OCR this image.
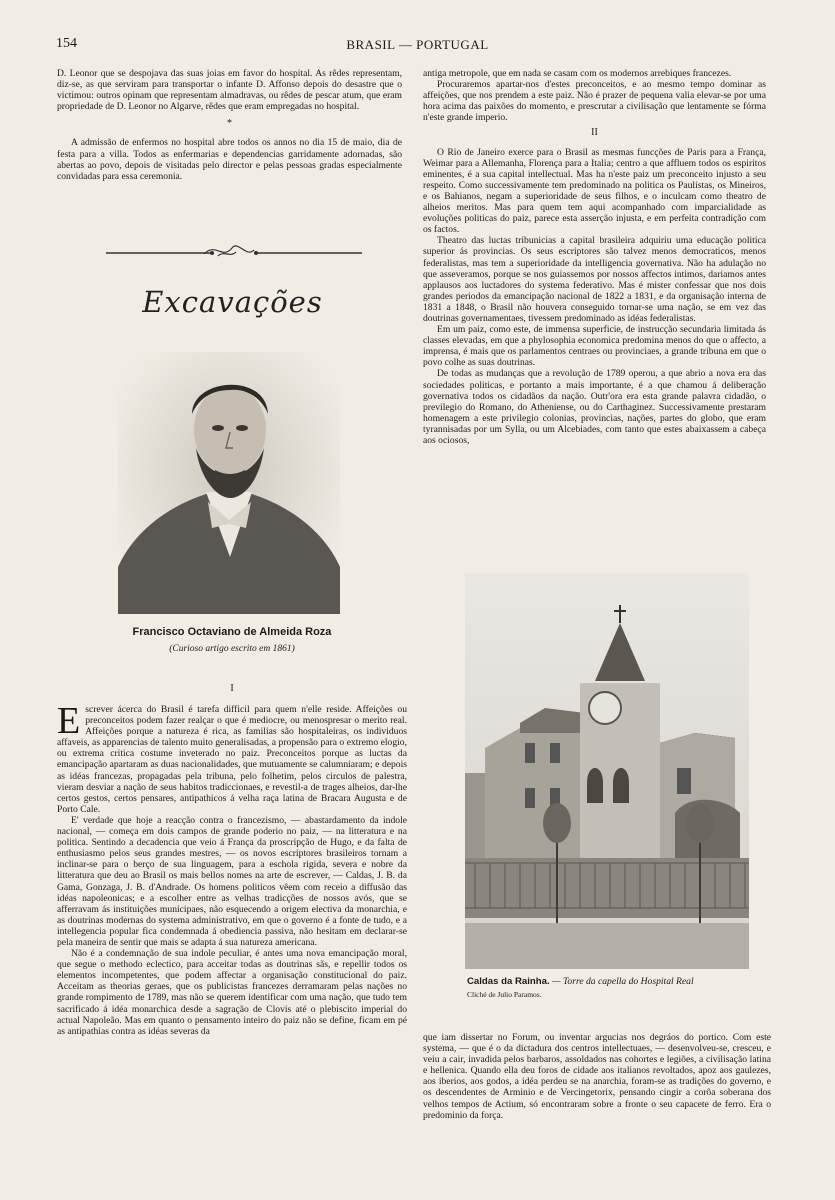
154	BRASIL — PORTUGAL

D. Leonor que se despojava das suas joias em favor do hospital. As rêdes representam, diz-se, as que serviram para transportar o infante D. Affonso depois do desastre que o victimou: outros opinam que representam almadravas, ou rêdes de pescar atum, que eram propriedade de D. Leonor no Algarve, rêdes que eram empregadas no hospital.

*

A admissão de enfermos no hospital abre todos os annos no dia 15 de maio, dia de festa para a villa. Todos as enfermarias e dependencias garridamente adornadas, são abertas ao povo, depois de visitadas pelo director e pelas pessoas gradas especialmente convidadas para essa ceremonia.

Excavações
Francisco Octaviano de Almeida Roza
(Curioso artigo escrito em 1861)
I

Escrever ácerca do Brasil é tarefa difficil para quem n'elle reside. Affeições ou preconceitos podem fazer realçar o que é mediocre, ou menospresar o merito real. Affeições porque a natureza é rica, as familias são hospitaleiras, os individuos affaveis, as apparencias de talento muito generalisadas, a propensão para o extremo elogio, ou extrema critica costume inveterado no paiz. Preconceitos porque as luctas da emancipação apartaram as duas nacionalidades, que mutuamente se calumniaram; e depois as idéas francezas, propagadas pela tribuna, pelo folhetim, pelos circulos de palestra, vieram desviar a nação de seus habitos tradiccionaes, e revestil-a de trages alheios, dar-lhe certos gestos, certos pensares, antipathicos á velha raça latina de Bracara Augusta e de Porto Cale.

E' verdade que hoje a reacção contra o francezismo, — abastardamento da indole nacional, — começa em dois campos de grande poderio no paiz, — na litteratura e na politica. Sentindo a decadencia que veio á França da proscripção de Hugo, e da falta de enthusiasmo pelos seus grandes mestres, — os novos escriptores brasileiros tornam a inclinar-se para o berço de sua linguagem, para a eschola rigida, severa e nobre da litteratura que deu ao Brasil os mais bellos nomes na arte de escrever, — Caldas, J. B. da Gama, Gonzaga, J. B. d'Andrade. Os homens politicos vêem com receio a diffusão das idéas napoleonicas; e a escolher entre as velhas tradicções de nossos avós, que se afferravam ás instituições municipaes, não esquecendo a origem electiva da monarchia, e as doutrinas modernas do systema administrativo, em que o governo é a fonte de tudo, e a intellegencia popular fica condemnada á obediencia passiva, não hesitam em declarar-se pela maneira de sentir que mais se adapta á sua natureza americana.

Não é a condemnação de sua indole peculiar, é antes uma nova emancipação moral, que segue o methodo eclectico, para acceitar todas as doutrinas sãs, e repellir todos os elementos incompetentes, que podem affectar a organisação constitucional do paiz. Acceitam as theorias geraes, que os publicistas francezes derramaram pelas nações no grande rompimento de 1789, mas não se querem identificar com uma nação, que tudo tem sacrificado á idéa monarchica desde a sagração de Clovis até o plebiscito imperial do actual Napoleão. Mas em quanto o pensamento inteiro do paiz não se define, ficam em pé as antipathias contra as idéas severas da

antiga metropole, que em nada se casam com os modernos arrebiques francezes.

Procuraremos apartar-nos d'estes preconceitos, e ao mesmo tempo dominar as affeições, que nos prendem a este paiz. Não é prazer de pequena valia elevar-se por uma hora acima das paixões do momento, e prescrutar a civilisação que lentamente se fórma n'este grande imperio.

II

O Rio de Janeiro exerce para o Brasil as mesmas funcções de Paris para a França, Weimar para a Allemanha, Florença para a Italia; centro a que affluem todos os espiritos eminentes, é a sua capital intellectual. Mas ha n'este paiz um preconceito injusto a seu respeito. Como successivamente tem predominado na politica os Paulistas, os Mineiros, e os Bahianos, negam a superioridade de seus filhos, e o inculcam como theatro de alheios meritos. Mas para quem tem aqui acompanhado com imparcialidade as evoluções politicas do paiz, parece esta asserção injusta, e em perfeita contradição com os factos.

Theatro das luctas tribunicias a capital brasileira adquiriu uma educação politica superior ás provincias. Os seus escriptores são talvez menos democraticos, menos federalistas, mas tem a superioridade da intelligencia governativa. Não ha adulação no que asseveramos, porque se nos guiassemos por nossos affectos intimos, dariamos antes applausos aos luctadores do systema federativo. Mas é mister confessar que nos dois grandes periodos da emancipação nacional de 1822 a 1831, e da organisação interna de 1831 a 1848, o Brasil não houvera conseguido tornar-se uma nação, se em vez das doutrinas governamentaes, tivessem predominado as idéas federalistas.

Em um paiz, como este, de immensa superficie, de instrucção secundaria limitada ás classes elevadas, em que a phylosophia economica predomina menos do que o affecto, a imprensa, é mais que os parlamentos centraes ou provinciaes, a grande tribuna em que o povo colhe as suas doutrinas.

De todas as mudanças que a revolução de 1789 operou, a que abrio a nova era das sociedades politicas, e portanto a mais importante, é a que chamou á deliberação governativa todos os cidadãos da nação. Outr'ora era esta grande palavra cidadão, o previlegio do Romano, do Atheniense, ou do Carthaginez. Successivamente prestaram homenagem a este privilegio colonias, provincias, nações, partes do globo, que eram tyrannisadas por um Sylla, ou um Alcebiades, com tanto que estes abaixassem a cabeça aos ociosos,

Caldas da Rainha. — Torre da capella do Hospital Real
Cliché de Julio Paramos.

que iam dissertar no Forum, ou inventar argucias nos degráos do portico. Com este systema, — que é o da dictadura dos centros intellectuaes, — desenvolveu-se, cresceu, e veiu a cair, invadida pelos barbaros, assoldados nas cohortes e legiões, a civilisação latina e hellenica. Quando ella deu foros de cidade aos italianos revoltados, apoz aos gaulezes, aos iberios, aos godos, a idéa perdeu se na anarchia, foram-se as tradições do governo, e os descendentes de Arminio e de Vercingetorix, pensando cingir a corôa soberana dos velhos tempos de Actium, só encontraram sobre a fronte o seu capacete de ferro. Era o predominio da força.
